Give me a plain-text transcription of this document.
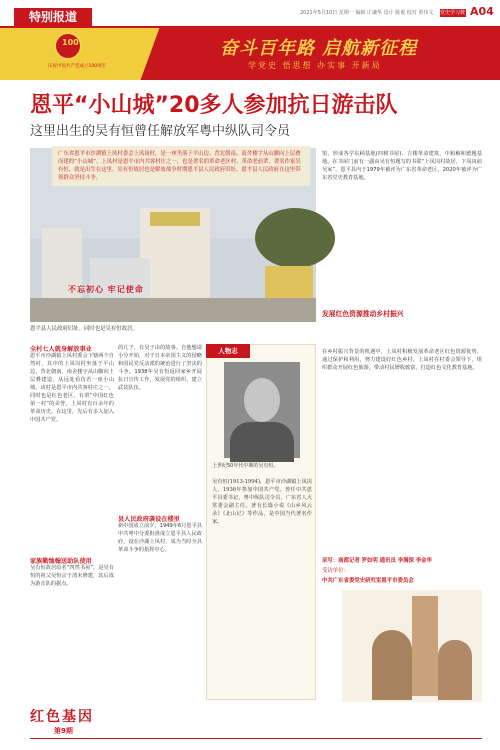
特别报道	2021年5月10日 星期一 编辑 庄谦华 设计 陈俊 校对 黄伟文	党史学习教育 A04
100
庆祝中国共产党成立100周年
奋斗百年路 启航新征程
学党史 悟思想 办实事 开新局
恩平“小山城”20多人参加抗日游击队
这里出生的吴有恒曾任解放军粤中纵队司令员
不忘初心 牢记使命
广东省恩平市沙湖镇上凤村委会上凤岗村，是一座坐落于平山边、背北朝南、南舍楼宇从山脚向上层叠而建的“小山城”。上凤村是恩平市内共客村庄之一，也是著名的革命老区村。革命老前辈、著名作家吴有恒，就是出生在这里。吴有恒故居也是解放战争时期恩平县人民政府旧址、恩平县人民政府在这里带领群众坚持斗争。
恩平县人民政府旧址。同时也是吴有恒故居。
全村七人就身解放事业
恩平市沙湖镇上凤村委会下辖两个自然村，其中的上凤岗村坐落于平山边，背北朝南，南舍楼宇从山脚向上层叠建造，从远处看仿若一座小山城，该村是恩平市内共客村庄之一。同时也是红色老区，有着“中国红色第一村”的美誉。上凤村有百余年的革命历史。在这里，先后有多人加入中国共产党。
家族勤恤翰送助队使用
吴有恒故居原名“四然书屋”，是吴有恒的祖父吴恒宗于清末修建，其后成为游击队的据点。
的儿子，有吴子由的故事。自他想请小分开始，对于日本帝国主义的侵略和国民党反动派的统治进行了坚决的斗争。1938年吴有恒返回家乡开展抗日宣传工作，发展党的组织，建立武装队伍。
县人民政府袭设在楼里
新中国成立前夕，1949年6月恩平县中共粤中分委批准成立恩平县人民政府，设在沙湖上凤村，成为当时全县革命斗争的指挥中心。
人物志
上世纪50年代中期的吴有恒。
吴有恒(1913-1994)，恩平市沙湖镇上凤岗人，1936年参加中国共产党。曾任中共恩平县委书记、粤中纵队司令员、广东省人大常委会副主任。著有长篇小说《山乡风云录》《北山记》等作品，是中国当代著名作家。
馆，形成各学东顾基地(四树书屋)、吉楼革命建筑，中和解和德题基地。在书屋门前有一副由吴有恒题写的书联“上凤岗村故居，下凤岗前吴家”。恩平县内于1979年被评为广东省革命老区，2020年被评为广东省党史教育基地。
发展红色资源推动乡村振兴
在乡村振兴背景的机遇中，上凤村积极发展革命老区红色资源优势，通过保护和利用，努力建设好红色乡村。上凤村在村委会领导下，组织群众开展红色旅游，带动村民增收致富，打造红色文化教育基地。
采写：南都记者 罗如明 通讯员 李满深 李金华
受访单位：
中共广东省委党史研究室恩平市委员会
红色基因
第9期
